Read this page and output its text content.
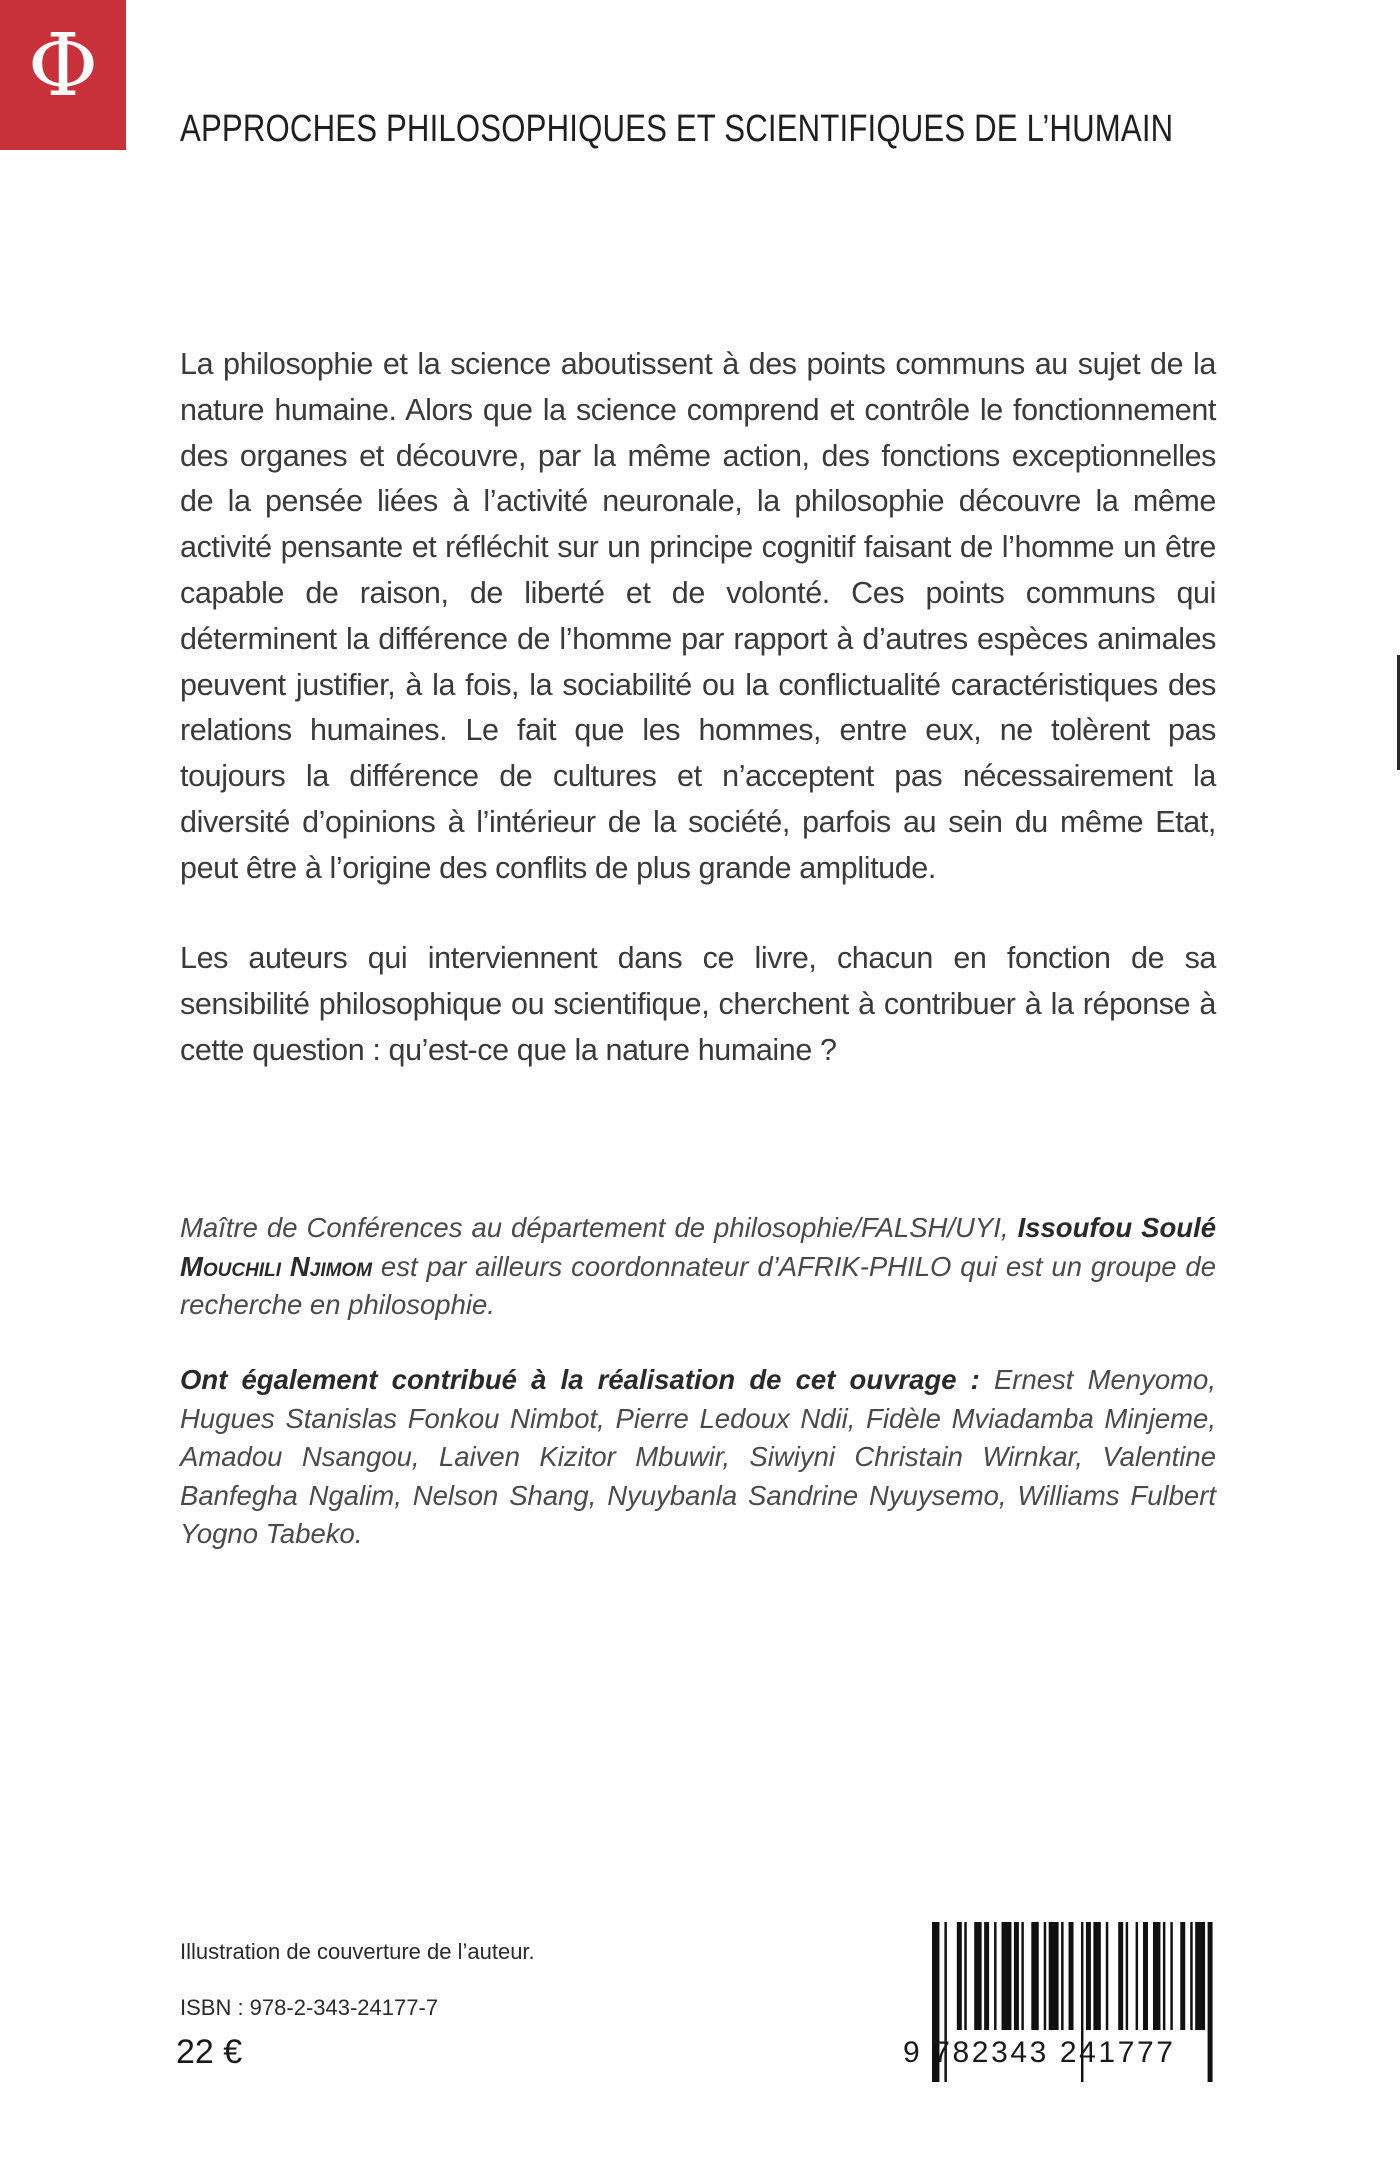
Φ
APPROCHES PHILOSOPHIQUES ET SCIENTIFIQUES DE L’HUMAIN

La philosophie et la science aboutissent à des points communs au sujet de la nature humaine. Alors que la science comprend et contrôle le fonctionnement des organes et découvre, par la même action, des fonctions exceptionnelles de la pensée liées à l’activité neuronale, la philosophie découvre la même activité pensante et réfléchit sur un principe cognitif faisant de l’homme un être capable de raison, de liberté et de volonté. Ces points communs qui déterminent la différence de l’homme par rapport à d’autres espèces animales peuvent justifier, à la fois, la sociabilité ou la conflictualité caractéristiques des relations humaines. Le fait que les hommes, entre eux, ne tolèrent pas toujours la différence de cultures et n’acceptent pas nécessairement la diversité d’opinions à l’intérieur de la société, parfois au sein du même Etat, peut être à l’origine des conflits de plus grande amplitude.

Les auteurs qui interviennent dans ce livre, chacun en fonction de sa sensibilité philosophique ou scientifique, cherchent à contribuer à la réponse à cette question : qu’est-ce que la nature humaine ?

Maître de Conférences au département de philosophie/FALSH/UYI, Issoufou Soulé Mouchili Njimom est par ailleurs coordonnateur d’AFRIK-PHILO qui est un groupe de recherche en philosophie.

Ont également contribué à la réalisation de cet ouvrage : Ernest Menyomo, Hugues Stanislas Fonkou Nimbot, Pierre Ledoux Ndii, Fidèle Mviadamba Minjeme, Amadou Nsangou, Laiven Kizitor Mbuwir, Siwiyni Christain Wirnkar, Valentine Banfegha Ngalim, Nelson Shang, Nyuybanla Sandrine Nyuysemo, Williams Fulbert Yogno Tabeko.

Illustration de couverture de l’auteur.
ISBN : 978-2-343-24177-7
22 €	9 782343 241777
